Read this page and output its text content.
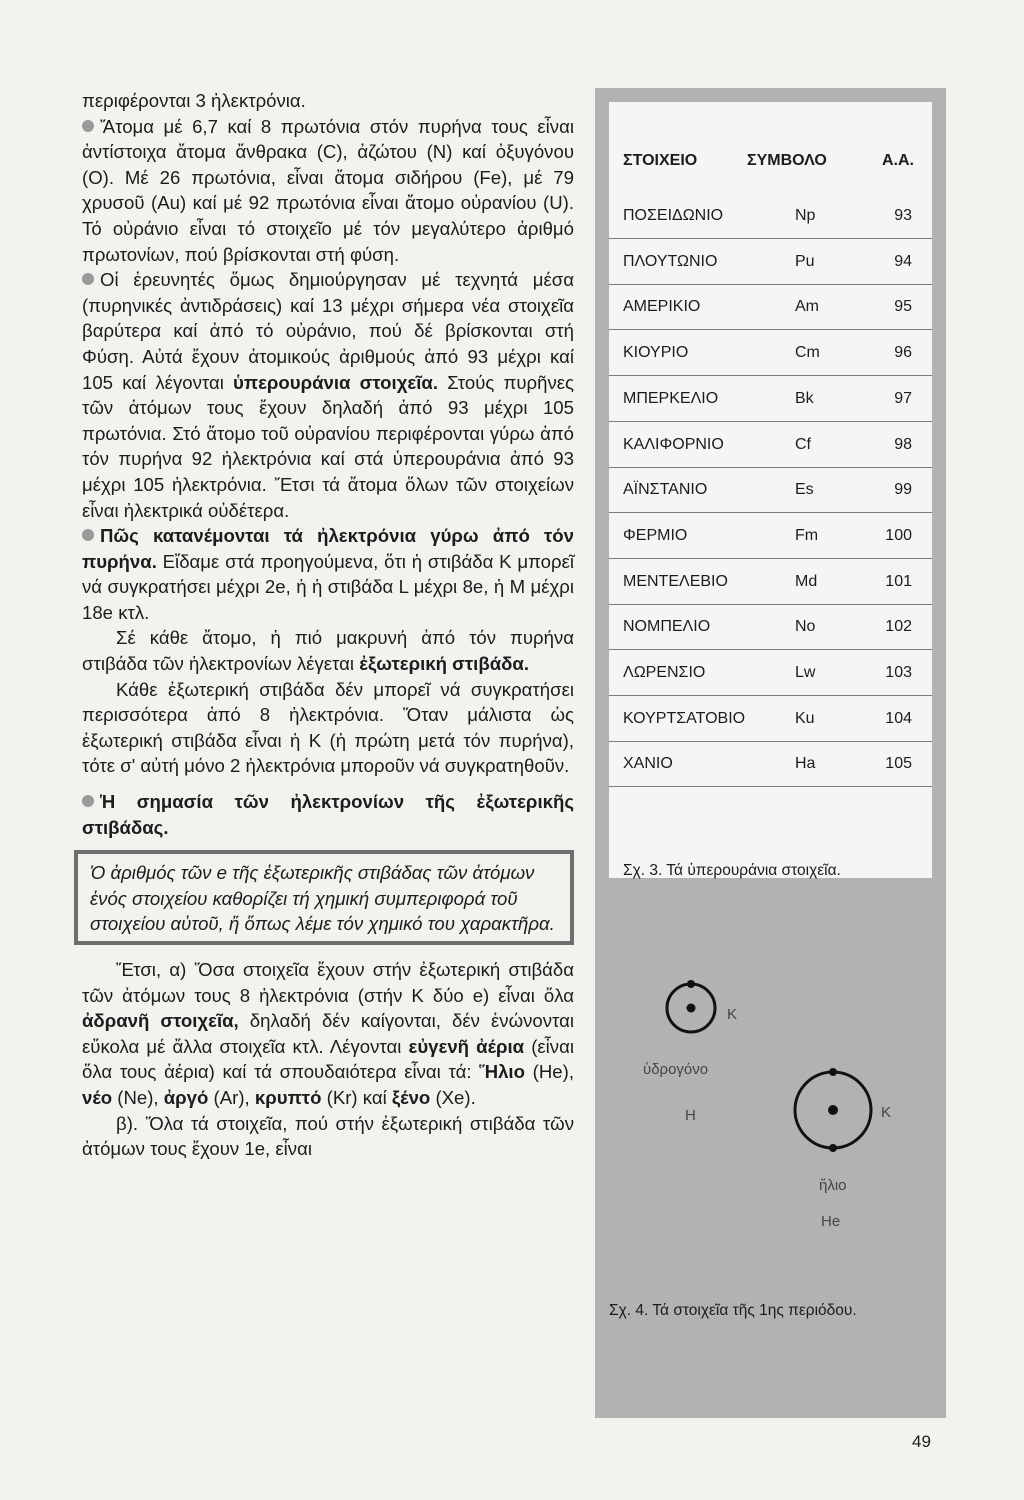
περιφέρονται 3 ἠλεκτρόνια.

Ἄτομα μέ 6,7 καί 8 πρωτόνια στόν πυρήνα τους εἶναι ἀντίστοιχα ἄτομα ἄνθρακα (C), ἀζώτου (Ν) καί ὀξυγόνου (O). Μέ 26 πρωτόνια, εἶναι ἄτομα σιδήρου (Fe), μέ 79 χρυσοῦ (Au) καί μέ 92 πρωτόνια εἶναι ἄτομο οὐρανίου (U). Τό οὐράνιο εἶναι τό στοιχεῖο μέ τόν μεγαλύτερο ἀριθμό πρωτονίων, πού βρίσκονται στή φύση.

Οἱ ἐρευνητές ὅμως δημιούργησαν μέ τεχνητά μέσα (πυρηνικές ἀντιδράσεις) καί 13 μέχρι σήμερα νέα στοιχεῖα βαρύτερα καί ἀπό τό οὐράνιο, πού δέ βρίσκονται στή Φύση. Αὐτά ἔχουν ἀτομικούς ἀριθμούς ἀπό 93 μέχρι καί 105 καί λέγονται ὑπερουράνια στοιχεῖα. Στούς πυρῆνες τῶν ἀτόμων τους ἔχουν δηλαδή ἀπό 93 μέχρι 105 πρωτόνια. Στό ἄτομο τοῦ οὐρανίου περιφέρονται γύρω ἀπό τόν πυρήνα 92 ἠλεκτρόνια καί στά ὑπερουράνια ἀπό 93 μέχρι 105 ἠλεκτρόνια. Ἔτσι τά ἄτομα ὅλων τῶν στοιχείων εἶναι ἠλεκτρικά οὐδέτερα.

Πῶς κατανέμονται τά ἠλεκτρόνια γύρω ἀπό τόν πυρήνα. Εἴδαμε στά προηγούμενα, ὅτι ἡ στιβάδα Κ μπορεῖ νά συγκρατήσει μέχρι 2e, ἡ ἡ στιβάδα L μέχρι 8e, ἡ Μ μέχρι 18e κτλ.

Σέ κάθε ἄτομο, ἡ πιό μακρυνή ἀπό τόν πυρήνα στιβάδα τῶν ἠλεκτρονίων λέγεται ἐξωτερική στιβάδα.

Κάθε ἐξωτερική στιβάδα δέν μπορεῖ νά συγκρατήσει περισσότερα ἀπό 8 ἠλεκτρόνια. Ὅταν μάλιστα ὡς ἐξωτερική στιβάδα εἶναι ἡ Κ (ἡ πρώτη μετά τόν πυρήνα), τότε σ' αὐτή μόνο 2 ἠλεκτρόνια μποροῦν νά συγκρατηθοῦν.

Ἡ σημασία τῶν ἠλεκτρονίων τῆς ἐξωτερικῆς στιβάδας.

Ὁ ἀριθμός τῶν e τῆς ἐξωτερικῆς στιβάδας τῶν ἀτόμων ἑνός στοιχείου καθορίζει τή χημική συμπεριφορά τοῦ στοιχείου αὐτοῦ, ἤ ὅπως λέμε τόν χημικό του χαρακτῆρα.

Ἔτσι, α) Ὅσα στοιχεῖα ἔχουν στήν ἐξωτερική στιβάδα τῶν ἀτόμων τους 8 ἠλεκτρόνια (στήν Κ δύο e) εἶναι ὅλα ἀδρανῆ στοιχεῖα, δηλαδή δέν καίγονται, δέν ἑνώνονται εὔκολα μέ ἄλλα στοιχεῖα κτλ. Λέγονται εὐγενῆ ἀέρια (εἶναι ὅλα τους ἀέρια) καί τά σπουδαιότερα εἶναι τά: Ἥλιο (He), νέο (Ne), ἀργό (Ar), κρυπτό (Kr) καί ξένο (Xe).

β). Ὅλα τά στοιχεῖα, πού στήν ἐξωτερική στιβάδα τῶν ἀτόμων τους ἔχουν 1e, εἶναι

ΣΤΟΙΧΕΙΟ	ΣΥΜΒΟΛΟ	Α.Α.
ΠΟΣΕΙΔΩΝΙΟ	Np	93
ΠΛΟΥΤΩΝΙΟ	Pu	94
ΑΜΕΡΙΚΙΟ	Am	95
ΚΙΟΥΡΙΟ	Cm	96
ΜΠΕΡΚΕΛΙΟ	Bk	97
ΚΑΛΙΦΟΡΝΙΟ	Cf	98
ΑΪΝΣΤΑΝΙΟ	Es	99
ΦΕΡΜΙΟ	Fm	100
ΜΕΝΤΕΛΕΒΙΟ	Md	101
ΝΟΜΠΕΛΙΟ	No	102
ΛΩΡΕΝΣΙΟ	Lw	103
ΚΟΥΡΤΣΑΤΟΒΙΟ	Ku	104
ΧΑΝΙΟ	Ha	105
Σχ. 3. Τά ὑπερουράνια στοιχεῖα.
Κ
ὑδρογόνο
Η	Κ
ἥλιο
He
Σχ. 4. Τά στοιχεῖα τῆς 1ης περιόδου.
49
